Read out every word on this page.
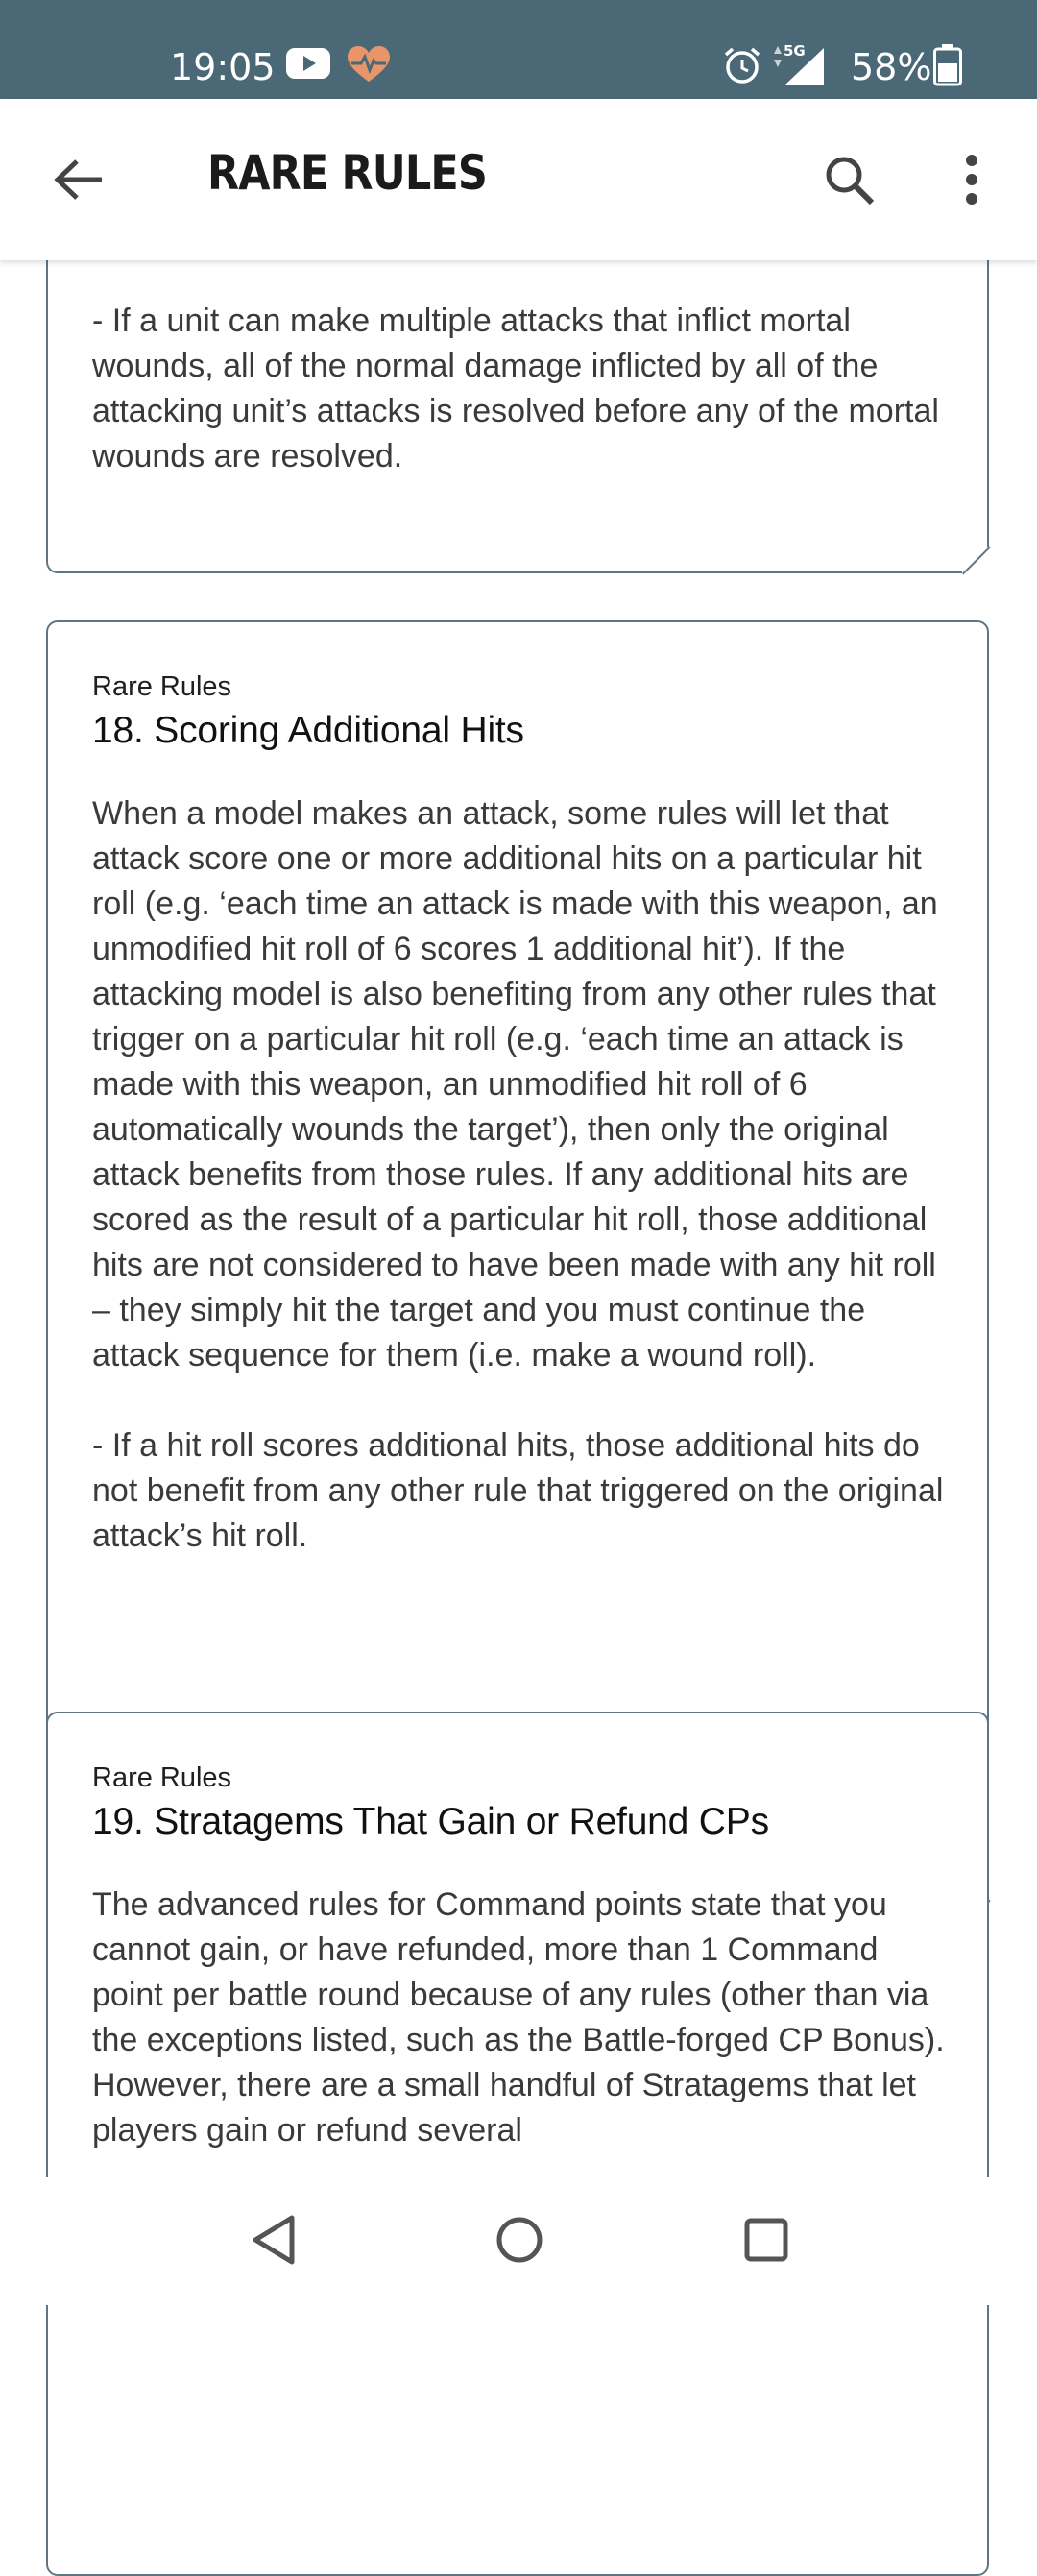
19:05	5G 58%
RARE RULES

- If a unit can make multiple attacks that inflict mortal wounds, all of the normal damage inflicted by all of the attacking unit’s attacks is resolved before any of the mortal wounds are resolved.

Rare Rules

18. Scoring Additional Hits

When a model makes an attack, some rules will let that attack score one or more additional hits on a particular hit roll (e.g. ‘each time an attack is made with this weapon, an unmodified hit roll of 6 scores 1 additional hit’). If the attacking model is also benefiting from any other rules that trigger on a particular hit roll (e.g. ‘each time an attack is made with this weapon, an unmodified hit roll of 6 automatically wounds the target’), then only the original attack benefits from those rules. If any additional hits are scored as the result of a particular hit roll, those additional hits are not considered to have been made with any hit roll – they simply hit the target and you must continue the attack sequence for them (i.e. make a wound roll).

- If a hit roll scores additional hits, those additional hits do not benefit from any other rule that triggered on the original attack’s hit roll.

Rare Rules

19. Stratagems That Gain or Refund CPs

The advanced rules for Command points state that you cannot gain, or have refunded, more than 1 Command point per battle round because of any rules (other than via the exceptions listed, such as the Battle-forged CP Bonus). However, there are a small handful of Stratagems that let players gain or refund several
